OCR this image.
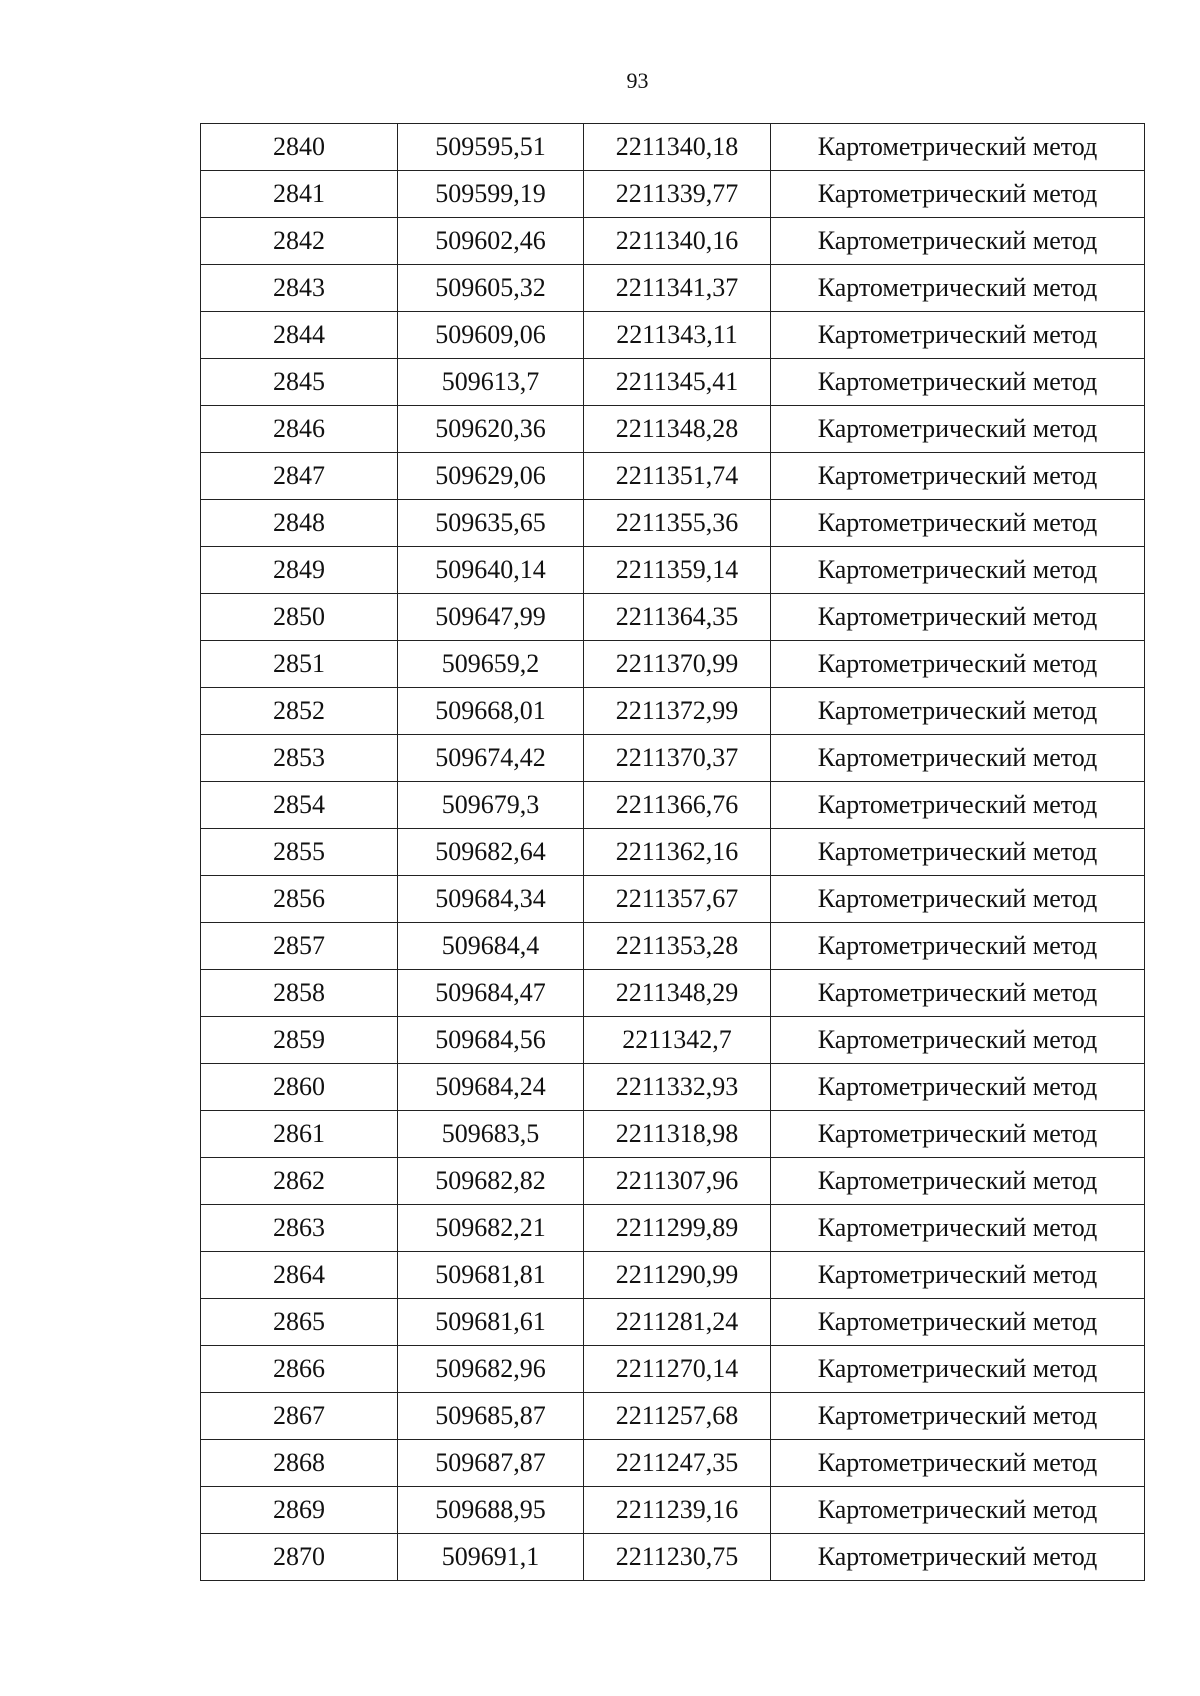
93
2840	509595,51	2211340,18	Картометрический метод
2841	509599,19	2211339,77	Картометрический метод
2842	509602,46	2211340,16	Картометрический метод
2843	509605,32	2211341,37	Картометрический метод
2844	509609,06	2211343,11	Картометрический метод
2845	509613,7	2211345,41	Картометрический метод
2846	509620,36	2211348,28	Картометрический метод
2847	509629,06	2211351,74	Картометрический метод
2848	509635,65	2211355,36	Картометрический метод
2849	509640,14	2211359,14	Картометрический метод
2850	509647,99	2211364,35	Картометрический метод
2851	509659,2	2211370,99	Картометрический метод
2852	509668,01	2211372,99	Картометрический метод
2853	509674,42	2211370,37	Картометрический метод
2854	509679,3	2211366,76	Картометрический метод
2855	509682,64	2211362,16	Картометрический метод
2856	509684,34	2211357,67	Картометрический метод
2857	509684,4	2211353,28	Картометрический метод
2858	509684,47	2211348,29	Картометрический метод
2859	509684,56	2211342,7	Картометрический метод
2860	509684,24	2211332,93	Картометрический метод
2861	509683,5	2211318,98	Картометрический метод
2862	509682,82	2211307,96	Картометрический метод
2863	509682,21	2211299,89	Картометрический метод
2864	509681,81	2211290,99	Картометрический метод
2865	509681,61	2211281,24	Картометрический метод
2866	509682,96	2211270,14	Картометрический метод
2867	509685,87	2211257,68	Картометрический метод
2868	509687,87	2211247,35	Картометрический метод
2869	509688,95	2211239,16	Картометрический метод
2870	509691,1	2211230,75	Картометрический метод
